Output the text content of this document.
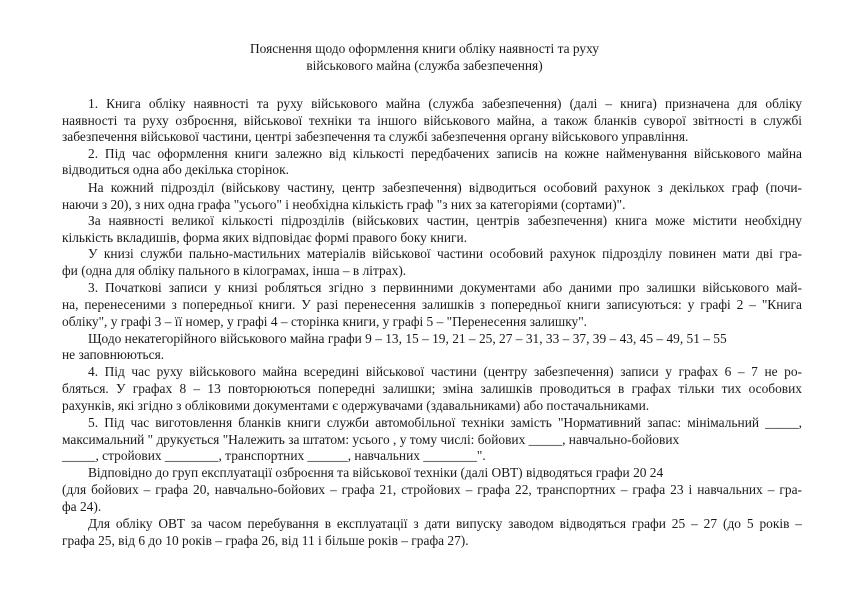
Пояснення щодо оформлення книги обліку наявності та руху

військового майна (служба забезпечення)

1. Книга обліку наявності та руху військового майна (служба забезпечення) (далі – книга) призначена для обліку

наявності та руху озброєння, військової техніки та іншого військового майна, а також бланків суворої звітності в службі

забезпечення військової частини, центрі забезпечення та службі забезпечення органу військового управління.

2. Під час оформлення книги залежно від кількості передбачених записів на кожне найменування військового майна

відводиться одна або декілька сторінок.

На кожний підрозділ (військову частину, центр забезпечення) відводиться особовий рахунок з декількох граф (почи-

наючи з 20), з них одна графа "усього" і необхідна кількість граф "з них за категоріями (сортами)".

За наявності великої кількості підрозділів (військових частин, центрів забезпечення) книга може містити необхідну

кількість вкладишів, форма яких відповідає формі правого боку книги.

У книзі служби пально-мастильних матеріалів військової частини особовий рахунок підрозділу повинен мати дві гра-

фи (одна для обліку пального в кілограмах, інша – в літрах).

3. Початкові записи у книзі робляться згідно з первинними документами або даними про залишки військового май-

на, перенесеними з попередньої книги. У разі перенесення залишків з попередньої книги записуються: у графі 2 – "Книга

обліку", у графі 3 – її номер, у графі 4 – сторінка книги, у графі 5 – "Перенесення залишку".

Щодо некатегорійного військового майна графи 9 – 13, 15 – 19, 21 – 25, 27 – 31, 33 – 37, 39 – 43, 45 – 49, 51 – 55

не заповнюються.

4. Під час руху військового майна всередині військової частини (центру забезпечення) записи у графах 6 – 7 не ро-

бляться. У графах 8 – 13 повторюються попередні залишки; зміна залишків проводиться в графах тільки тих особових

рахунків, які згідно з обліковими документами є одержувачами (здавальниками) або постачальниками.

5. Під час виготовлення бланків книги служби автомобільної техніки замість "Нормативний запас: мінімальний _____,

максимальний " друкується "Належить за штатом: усього , у тому числі: бойових _____, навчально-бойових

_____, стройових ________, транспортних ______, навчальних ________".

Відповідно до груп експлуатації озброєння та військової техніки (далі ОВТ) відводяться графи 20 24

(для бойових – графа 20, навчально-бойових – графа 21, стройових – графа 22, транспортних – графа 23 і навчальних – гра-

фа 24).

Для обліку ОВТ за часом перебування в експлуатації з дати випуску заводом відводяться графи 25 – 27 (до 5 років –

графа 25, від 6 до 10 років – графа 26, від 11 і більше років – графа 27).
